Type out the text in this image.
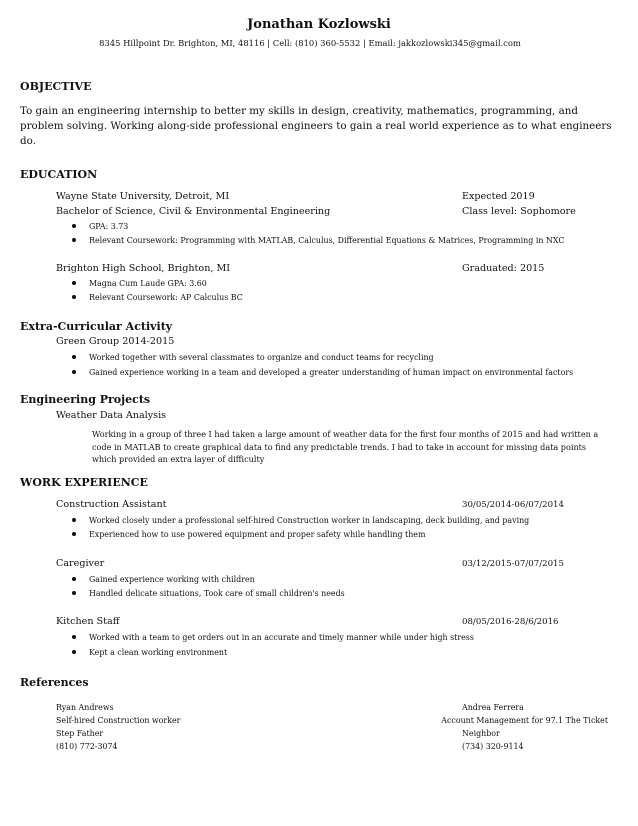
Jonathan Kozlowski
8345 Hillpoint Dr. Brighton, MI, 48116 | Cell: (810) 360-5532 | Email: jakkozlowski345@gmail.com
OBJECTIVE
To gain an engineering internship to better my skills in design, creativity, mathematics, programming, and problem solving. Working along-side professional engineers to gain a real world experience as to what engineers do.
EDUCATION
Wayne State University, Detroit, MI	Expected 2019
Bachelor of Science, Civil & Environmental Engineering	Class level: Sophomore
GPA: 3.73
Relevant Coursework: Programming with MATLAB, Calculus, Differential Equations & Matrices, Programming in NXC
Brighton High School, Brighton, MI	Graduated: 2015
Magna Cum Laude GPA: 3.60
Relevant Coursework: AP Calculus BC
Extra-Curricular Activity
Green Group 2014-2015
Worked together with several classmates to organize and conduct teams for recycling
Gained experience working in a team and developed a greater understanding of human impact on environmental factors
Engineering Projects
Weather Data Analysis
Working in a group of three I had taken a large amount of weather data for the first four months of 2015 and had written a code in MATLAB to create graphical data to find any predictable trends. I had to take in account for missing data points which provided an extra layer of difficulty
WORK EXPERIENCE
Construction Assistant	30/05/2014-06/07/2014
Worked closely under a professional self-hired Construction worker in landscaping, deck building, and paving
Experienced how to use powered equipment and proper safety while handling them
Caregiver	03/12/2015-07/07/2015
Gained experience working with children
Handled delicate situations, Took care of small children's needs
Kitchen Staff	08/05/2016-28/6/2016
Worked with a team to get orders out in an accurate and timely manner while under high stress
Kept a clean working environment
References
Ryan Andrews
Self-hired Construction worker
Step Father
(810) 772-3074
Andrea Ferrera
Account Management for 97.1 The Ticket
Neighbor
(734) 320-9114
